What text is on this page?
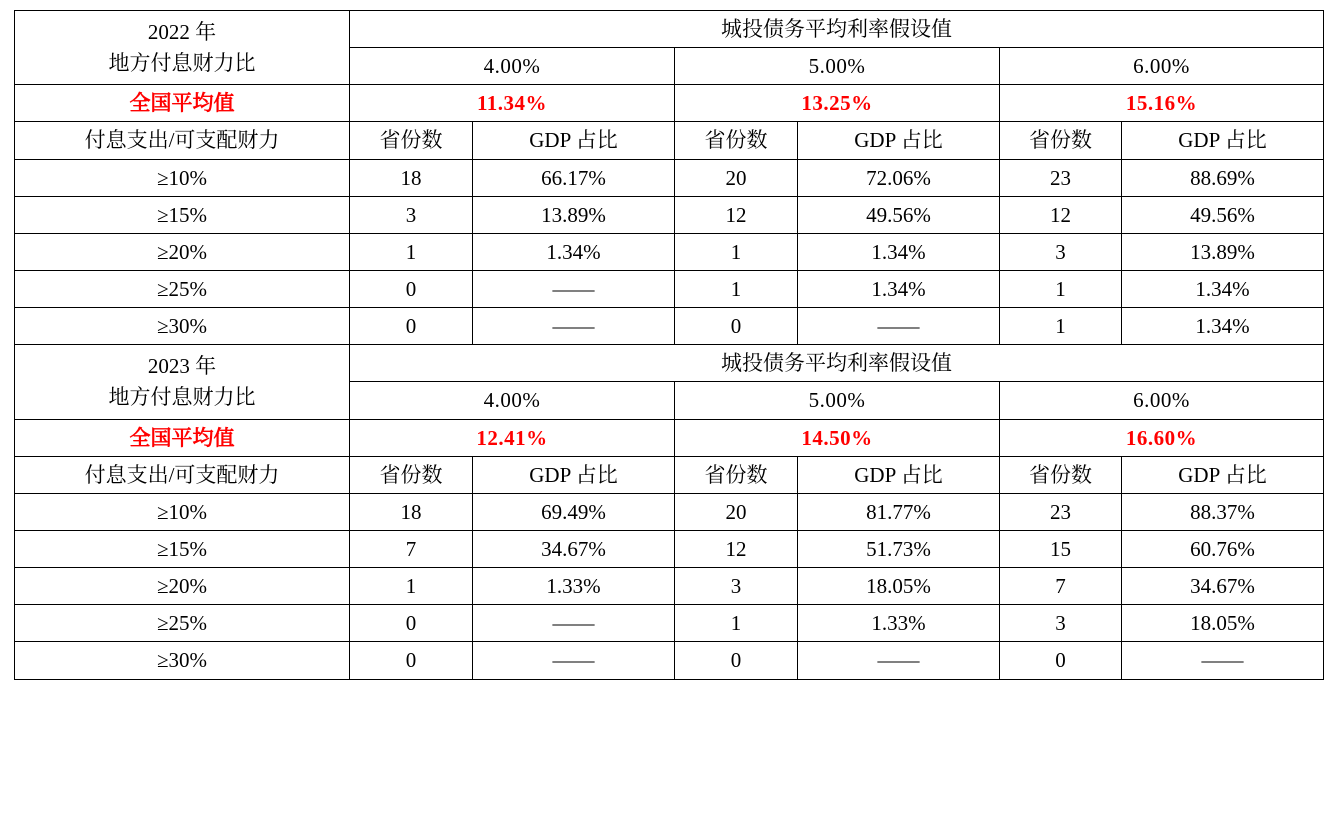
2022 年
地方付息财力比	城投债务平均利率假设值					
	4.00%		5.00%		6.00%	
全国平均值	11.34%		13.25%		15.16%	
付息支出/可支配财力	省份数	GDP 占比	省份数	GDP 占比	省份数	GDP 占比
≥10%	18	66.17%	20	72.06%	23	88.69%
≥15%	3	13.89%	12	49.56%	12	49.56%
≥20%	1	1.34%	1	1.34%	3	13.89%
≥25%	0	——	1	1.34%	1	1.34%
≥30%	0	——	0	——	1	1.34%

2023 年
地方付息财力比	城投债务平均利率假设值					
	4.00%		5.00%		6.00%	
全国平均值	12.41%		14.50%		16.60%	
付息支出/可支配财力	省份数	GDP 占比	省份数	GDP 占比	省份数	GDP 占比
≥10%	18	69.49%	20	81.77%	23	88.37%
≥15%	7	34.67%	12	51.73%	15	60.76%
≥20%	1	1.33%	3	18.05%	7	34.67%
≥25%	0	——	1	1.33%	3	18.05%
≥30%	0	——	0	——	0	——
